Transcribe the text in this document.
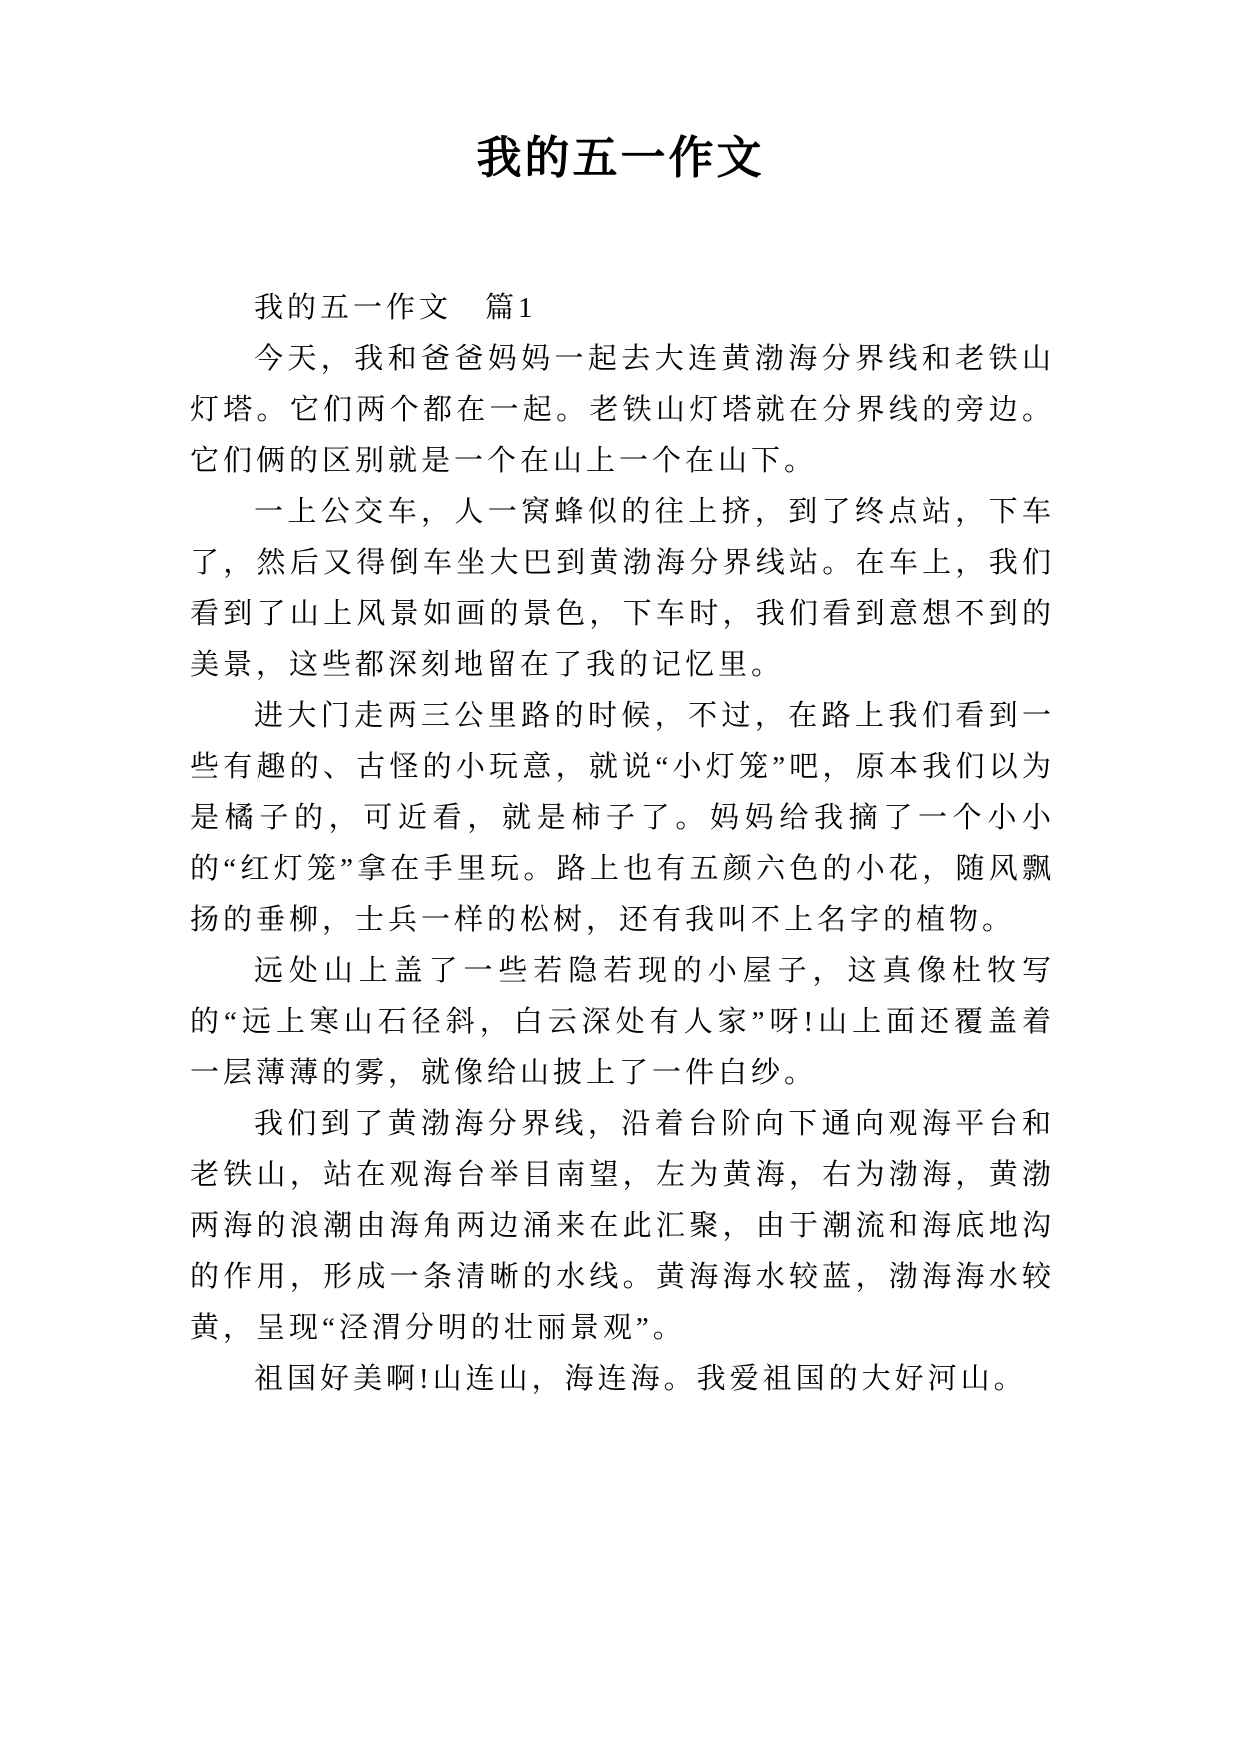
我的五一作文

我的五一作文　篇1

今天，我和爸爸妈妈一起去大连黄渤海分界线和老铁山灯塔。它们两个都在一起。老铁山灯塔就在分界线的旁边。它们俩的区别就是一个在山上一个在山下。

一上公交车，人一窝蜂似的往上挤，到了终点站，下车了，然后又得倒车坐大巴到黄渤海分界线站。在车上，我们看到了山上风景如画的景色，下车时，我们看到意想不到的美景，这些都深刻地留在了我的记忆里。

进大门走两三公里路的时候，不过，在路上我们看到一些有趣的、古怪的小玩意，就说“小灯笼”吧，原本我们以为是橘子的，可近看，就是柿子了。妈妈给我摘了一个小小的“红灯笼”拿在手里玩。路上也有五颜六色的小花，随风飘扬的垂柳，士兵一样的松树，还有我叫不上名字的植物。

远处山上盖了一些若隐若现的小屋子，这真像杜牧写的“远上寒山石径斜，白云深处有人家”呀!山上面还覆盖着一层薄薄的雾，就像给山披上了一件白纱。

我们到了黄渤海分界线，沿着台阶向下通向观海平台和老铁山，站在观海台举目南望，左为黄海，右为渤海，黄渤两海的浪潮由海角两边涌来在此汇聚，由于潮流和海底地沟的作用，形成一条清晰的水线。黄海海水较蓝，渤海海水较黄，呈现“泾渭分明的壮丽景观”。

祖国好美啊!山连山，海连海。我爱祖国的大好河山。
